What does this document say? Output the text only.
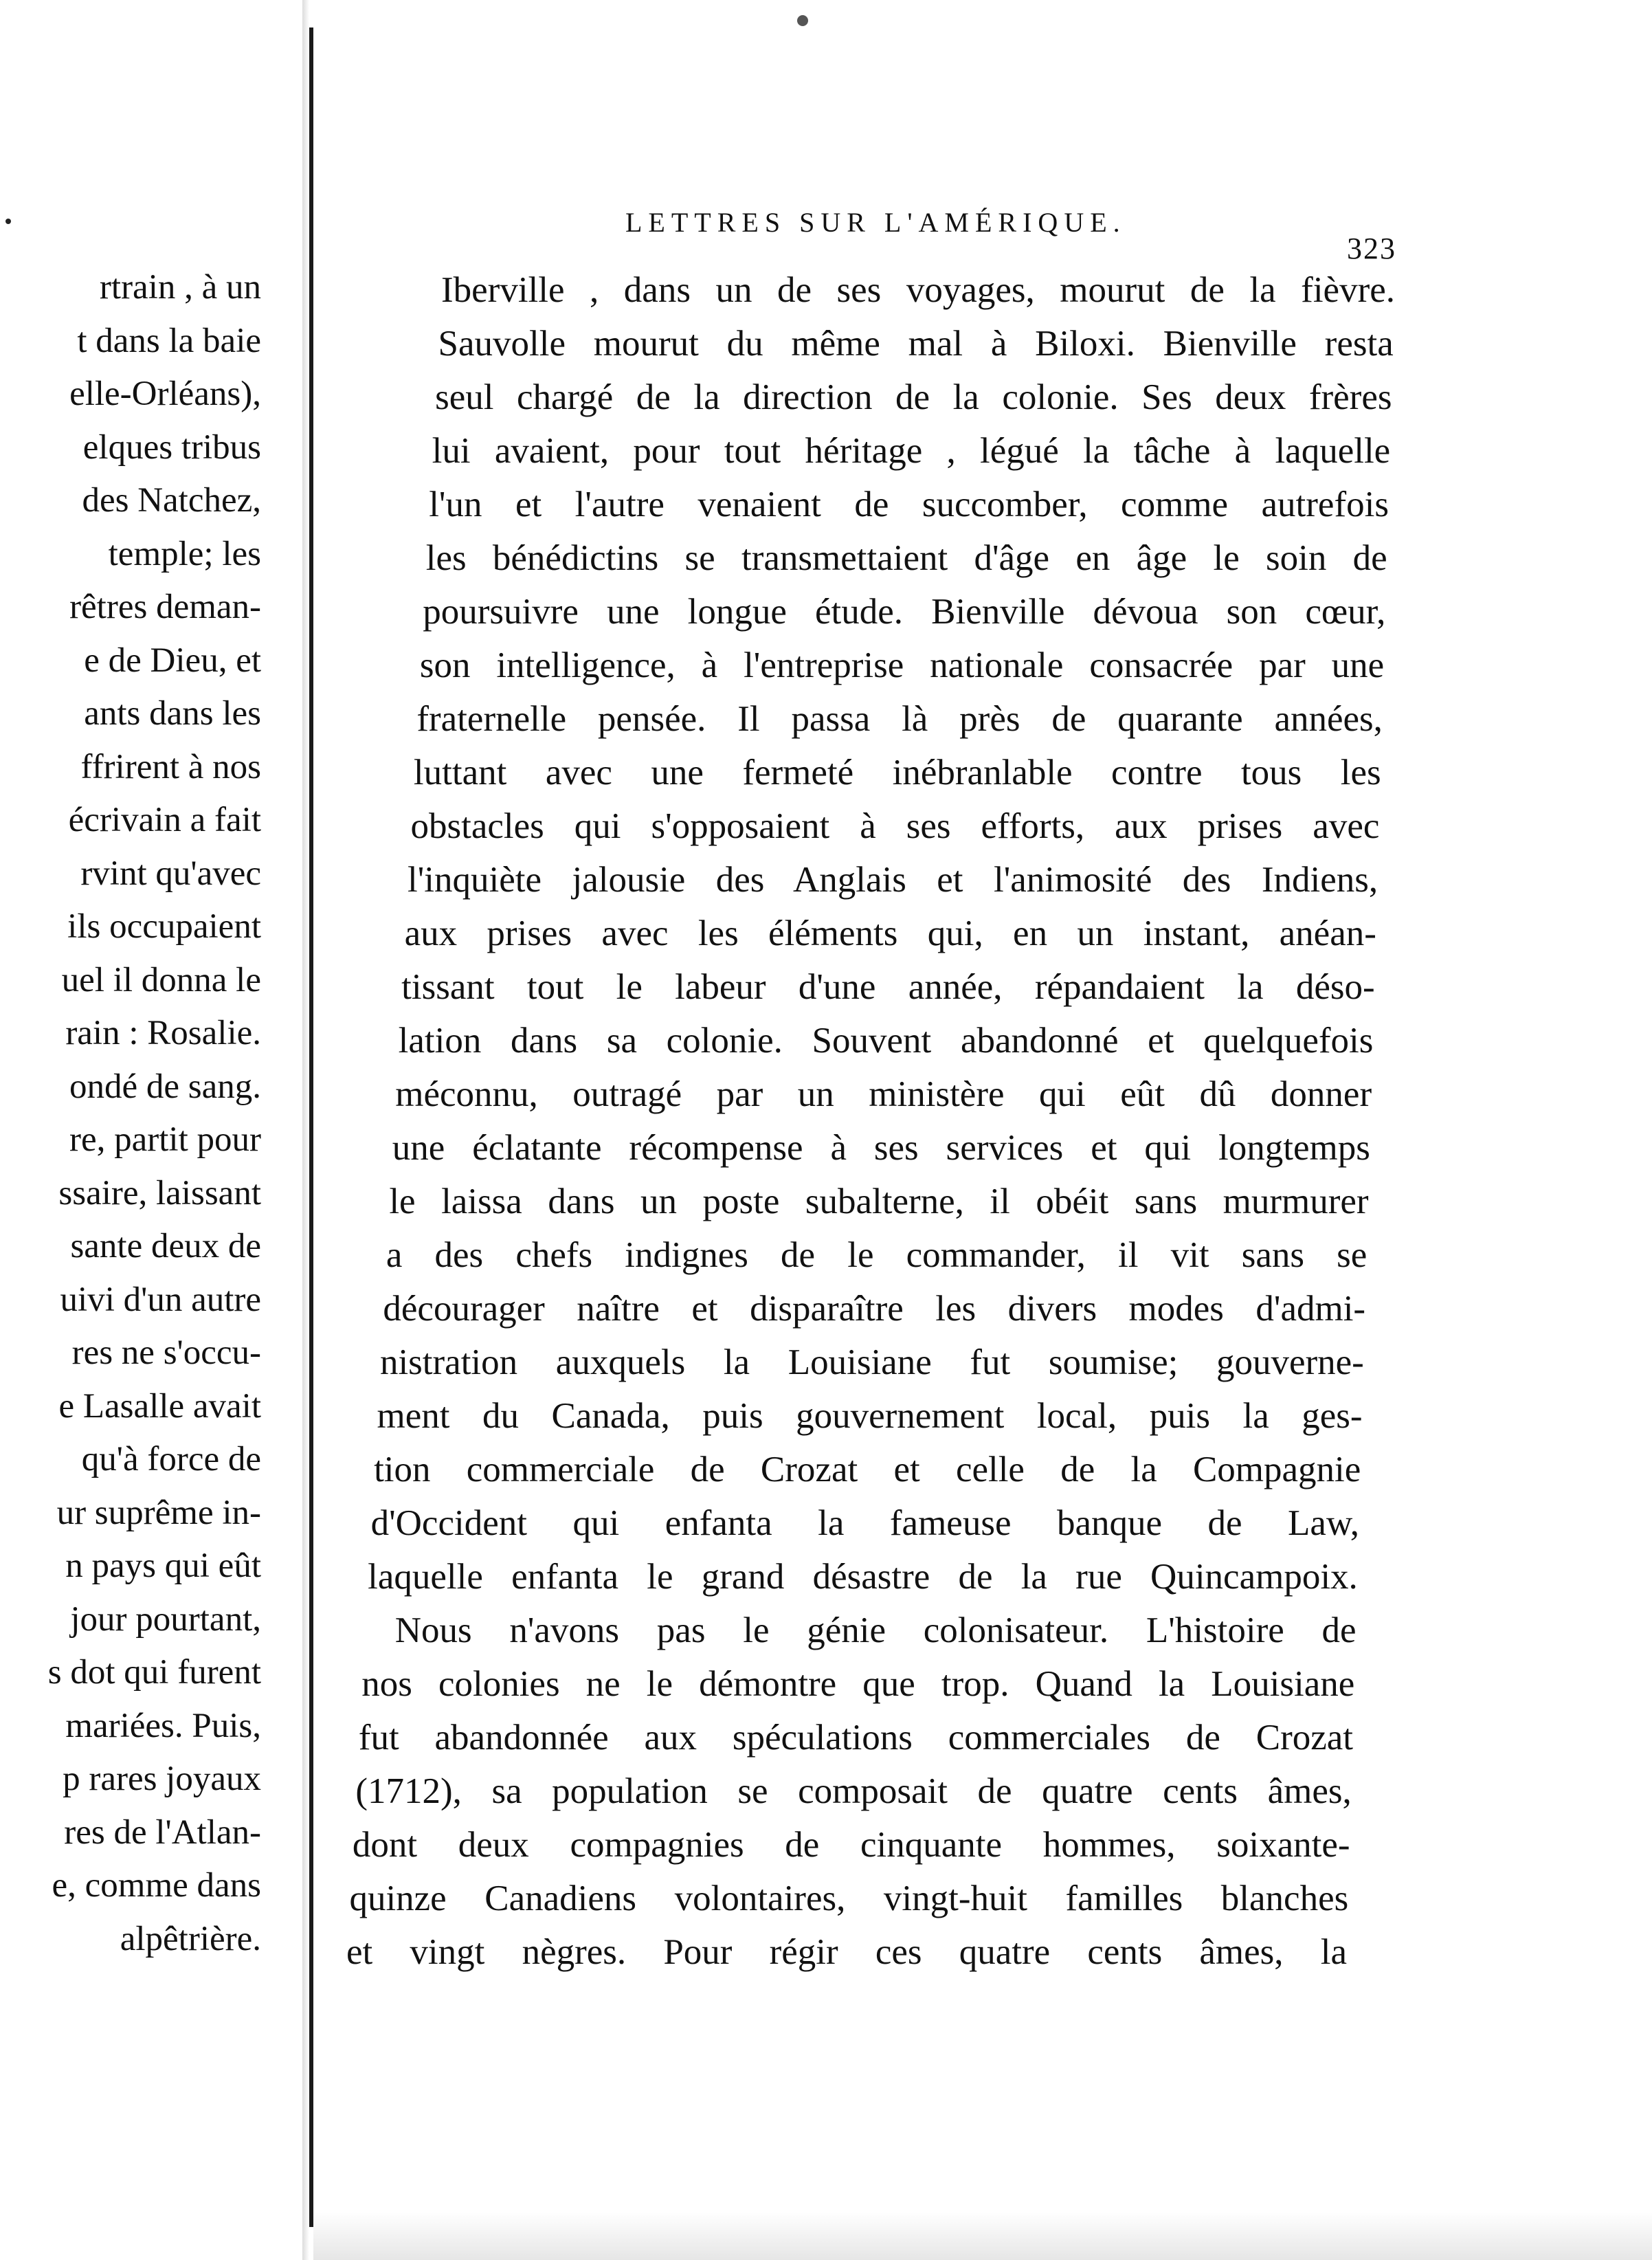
rtrain , à un
t dans la baie
elle-Orléans),
elques tribus
des Natchez,
temple; les
rêtres deman-
e de Dieu, et
ants dans les
ffrirent à nos
écrivain a fait
rvint qu'avec
ils occupaient
uel il donna le
rain : Rosalie.
ondé de sang.
re, partit pour
ssaire, laissant
sante deux de
uivi d'un autre
res ne s'occu-
e Lasalle avait
qu'à force de
ur suprême in-
n pays qui eût
jour pourtant,
s dot qui furent
mariées. Puis,
p rares joyaux
res de l'Atlan-
e, comme dans
alpêtrière.
LETTRES SUR L'AMÉRIQUE.
323
Iberville , dans un de ses voyages, mourut de la fièvre.
Sauvolle mourut du même mal à Biloxi. Bienville resta
seul chargé de la direction de la colonie. Ses deux frères
lui avaient, pour tout héritage , légué la tâche à laquelle
l'un et l'autre venaient de succomber, comme autrefois
les bénédictins se transmettaient d'âge en âge le soin de
poursuivre une longue étude. Bienville dévoua son cœur,
son intelligence, à l'entreprise nationale consacrée par une
fraternelle pensée. Il passa là près de quarante années,
luttant avec une fermeté inébranlable contre tous les
obstacles qui s'opposaient à ses efforts, aux prises avec
l'inquiète jalousie des Anglais et l'animosité des Indiens,
aux prises avec les éléments qui, en un instant, anéan-
tissant tout le labeur d'une année, répandaient la déso-
lation dans sa colonie. Souvent abandonné et quelquefois
méconnu, outragé par un ministère qui eût dû donner
une éclatante récompense à ses services et qui longtemps
le laissa dans un poste subalterne, il obéit sans murmurer
a des chefs indignes de le commander, il vit sans se
décourager naître et disparaître les divers modes d'admi-
nistration auxquels la Louisiane fut soumise; gouverne-
ment du Canada, puis gouvernement local, puis la ges-
tion commerciale de Crozat et celle de la Compagnie
d'Occident qui enfanta la fameuse banque de Law,
laquelle enfanta le grand désastre de la rue Quincampoix.
Nous n'avons pas le génie colonisateur. L'histoire de
nos colonies ne le démontre que trop. Quand la Louisiane
fut abandonnée aux spéculations commerciales de Crozat
(1712), sa population se composait de quatre cents âmes,
dont deux compagnies de cinquante hommes, soixante-
quinze Canadiens volontaires, vingt-huit familles blanches
et vingt nègres. Pour régir ces quatre cents âmes, la
